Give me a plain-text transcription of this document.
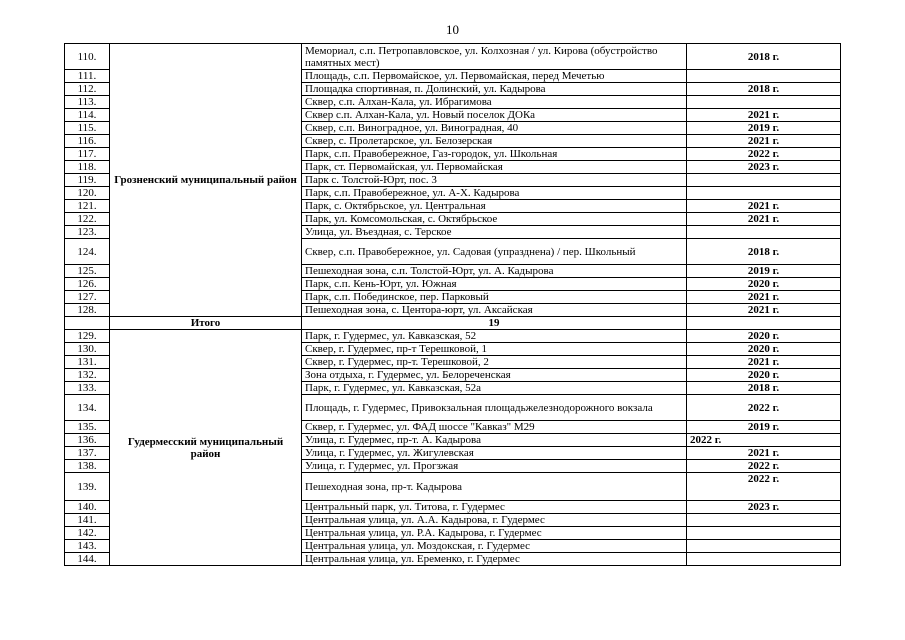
10
110.	Грозненский муниципальный район	Мемориал, с.п. Петропавловское, ул. Колхозная / ул. Кирова (обустройство памятных мест)	2018 г.
111.		Площадь, с.п. Первомайское, ул. Первомайская, перед Мечетью	
112.		Площадка спортивная, п. Долинский, ул. Кадырова	2018 г.
113.		Сквер, с.п. Алхан-Кала, ул. Ибрагимова	
114.		Сквер с.п. Алхан-Кала, ул. Новый поселок ДОКа	2021 г.
115.		Сквер, с.п. Виноградное, ул. Виноградная, 40	2019 г.
116.		Сквер, с. Пролетарское, ул. Белозерская	2021 г.
117.		Парк, с.п. Правобережное, Газ-городок, ул. Школьная	2022 г.
118.		Парк, ст. Первомайская, ул. Первомайская	2023 г.
119.		Парк с. Толстой-Юрт, пос. 3	
120.		Парк, с.п. Правобережное, ул. А-Х. Кадырова	
121.		Парк, с. Октябрьское, ул. Центральная	2021 г.
122.		Парк, ул. Комсомольская, с. Октябрьское	2021 г.
123.		Улица, ул. Въездная, с. Терское	
124.		Сквер, с.п. Правобережное, ул. Садовая (упразднена) / пер. Школьный	2018 г.
125.		Пешеходная зона, с.п. Толстой-Юрт, ул. А. Кадырова	2019 г.
126.		Парк, с.п. Кень-Юрт, ул. Южная	2020 г.
127.		Парк, с.п. Побединское, пер. Парковый	2021 г.
128.		Пешеходная зона, с. Центора-юрт, ул. Аксайская	2021 г.
	Итого	19	
129.	Гудермесский муниципальный район	Парк, г. Гудермес, ул. Кавказская, 52	2020 г.
130.		Сквер, г. Гудермес, пр-т Терешковой, 1	2020 г.
131.		Сквер, г. Гудермес, пр-т. Терешковой, 2	2021 г.
132.		Зона отдыха, г. Гудермес, ул. Белореченская	2020 г.
133.		Парк, г. Гудермес, ул. Кавказская, 52а	2018 г.
134.		Площадь, г. Гудермес, Привокзальная площадьжелезнодорожного вокзала	2022 г.
135.		Сквер, г. Гудермес, ул. ФАД шоссе "Кавказ" М29	2019 г.
136.		Улица, г. Гудермес, пр-т. А. Кадырова	2022 г.
137.		Улица, г. Гудермес, ул. Жигулевская	2021 г.
138.		Улица, г. Гудермес, ул. Прогзжая	2022 г.
139.		Пешеходная зона, пр-т. Кадырова	2022 г.
140.		Центральный парк, ул. Титова, г. Гудермес	2023 г.
141.		Центральная улица, ул. А.А. Кадырова, г. Гудермес	
142.		Центральная улица, ул. Р.А. Кадырова, г. Гудермес	
143.		Центральная улица, ул. Моздокская, г. Гудермес	
144.		Центральная улица, ул. Еременко, г. Гудермес	
